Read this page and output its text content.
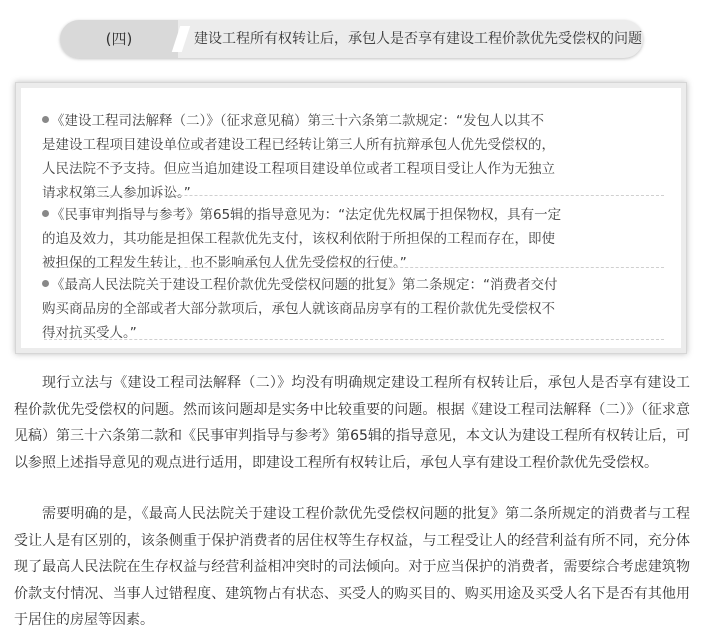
(四)	建设工程所有权转让后，承包人是否享有建设工程价款优先受偿权的问题
《建设工程司法解释（二）》（征求意见稿）第三十六条第二款规定：“发包人以其不
是建设工程项目建设单位或者建设工程已经转让第三人所有抗辩承包人优先受偿权的，
人民法院不予支持。但应当追加建设工程项目建设单位或者工程项目受让人作为无独立
请求权第三人参加诉讼。”
《民事审判指导与参考》第65辑的指导意见为：“法定优先权属于担保物权，具有一定
的追及效力，其功能是担保工程款优先支付，该权利依附于所担保的工程而存在，即使
被担保的工程发生转让，也不影响承包人优先受偿权的行使。”
《最高人民法院关于建设工程价款优先受偿权问题的批复》第二条规定：“消费者交付
购买商品房的全部或者大部分款项后，承包人就该商品房享有的工程价款优先受偿权不
得对抗买受人。”

现行立法与《建设工程司法解释（二）》均没有明确规定建设工程所有权转让后，承包人是否享有建设工程价款优先受偿权的问题。然而该问题却是实务中比较重要的问题。根据《建设工程司法解释（二）》（征求意见稿）第三十六条第二款和《民事审判指导与参考》第65辑的指导意见，本文认为建设工程所有权转让后，可以参照上述指导意见的观点进行适用，即建设工程所有权转让后，承包人享有建设工程价款优先受偿权。

需要明确的是，《最高人民法院关于建设工程价款优先受偿权问题的批复》第二条所规定的消费者与工程受让人是有区别的，该条侧重于保护消费者的居住权等生存权益，与工程受让人的经营利益有所不同，充分体现了最高人民法院在生存权益与经营利益相冲突时的司法倾向。对于应当保护的消费者，需要综合考虑建筑物价款支付情况、当事人过错程度、建筑物占有状态、买受人的购买目的、购买用途及买受人名下是否有其他用于居住的房屋等因素。
